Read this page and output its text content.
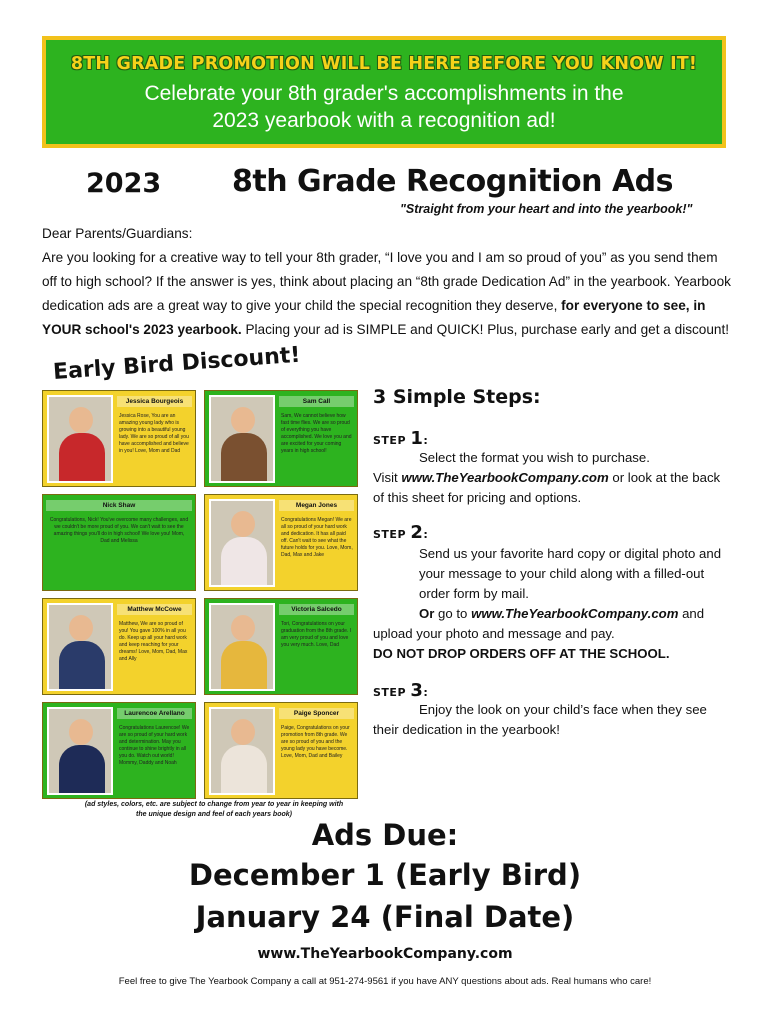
8TH GRADE PROMOTION WILL BE HERE BEFORE YOU KNOW IT!
Celebrate your 8th grader's accomplishments in the
2023 yearbook with a recognition ad!
2023 8th Grade Recognition Ads
"Straight from your heart and into the yearbook!"
Dear Parents/Guardians:
Are you looking for a creative way to tell your 8th grader, “I love you and I am so proud of you” as you send them off to high school? If the answer is yes, think about placing an “8th grade Dedication Ad” in the yearbook. Yearbook dedication ads are a great way to give your child the special recognition they deserve, for everyone to see, in YOUR school's 2023 yearbook. Placing your ad is SIMPLE and QUICK! Plus, purchase early and get a discount!
Early Bird Discount!
Jessica Bourgeois
Jessica Rose, You are an amazing young lady who is growing into a beautiful young lady. We are so proud of all you have accomplished and believe in you! Love, Mom and Dad
Sam Call
Sam, We cannot believe how fast time flies. We are so proud of everything you have accomplished. We love you and are excited for your coming years in high school!
Nick Shaw
Congratulations, Nick! You've overcome many challenges, and we couldn't be more proud of you. We can't wait to see the amazing things you'll do in high school! We love you! Mom, Dad and Melissa
Megan Jones
Congratulations Megan! We are all so proud of your hard work and dedication. It has all paid off. Can't wait to see what the future holds for you. Love, Mom, Dad, Max and Jake
Matthew McCowe
Matthew, We are so proud of you! You gave 100% in all you do. Keep up all your hard work and keep reaching for your dreams! Love, Mom, Dad, Max and Ally
Victoria Salcedo
Tori, Congratulations on your graduation from the 8th grade. I am very proud of you and love you very much. Love, Dad
Laurencoe Arellano
Congratulations Laurencoe! We are so proud of your hard work and determination. May you continue to shine brightly in all you do. Watch out world! Mommy, Daddy and Noah
Paige Sponcer
Paige, Congratulations on your promotion from 8th grade. We are so proud of you and the young lady you have become. Love, Mom, Dad and Bailey
(ad styles, colors, etc. are subject to change from year to year in keeping with the unique design and feel of each years book)
3 Simple Steps:
STEP 1:
Select the format you wish to purchase.
Visit www.TheYearbookCompany.com or look at the back of this sheet for pricing and options.
STEP 2:
Send us your favorite hard copy or digital photo and your message to your child along with a filled-out order form by mail.
Or go to www.TheYearbookCompany.com and upload your photo and message and pay.
DO NOT DROP ORDERS OFF AT THE SCHOOL.
STEP 3:
Enjoy the look on your child’s face when they see their dedication in the yearbook!
Ads Due:
December 1 (Early Bird)
January 24 (Final Date)
www.TheYearbookCompany.com
Feel free to give The Yearbook Company a call at 951-274-9561 if you have ANY questions about ads. Real humans who care!
